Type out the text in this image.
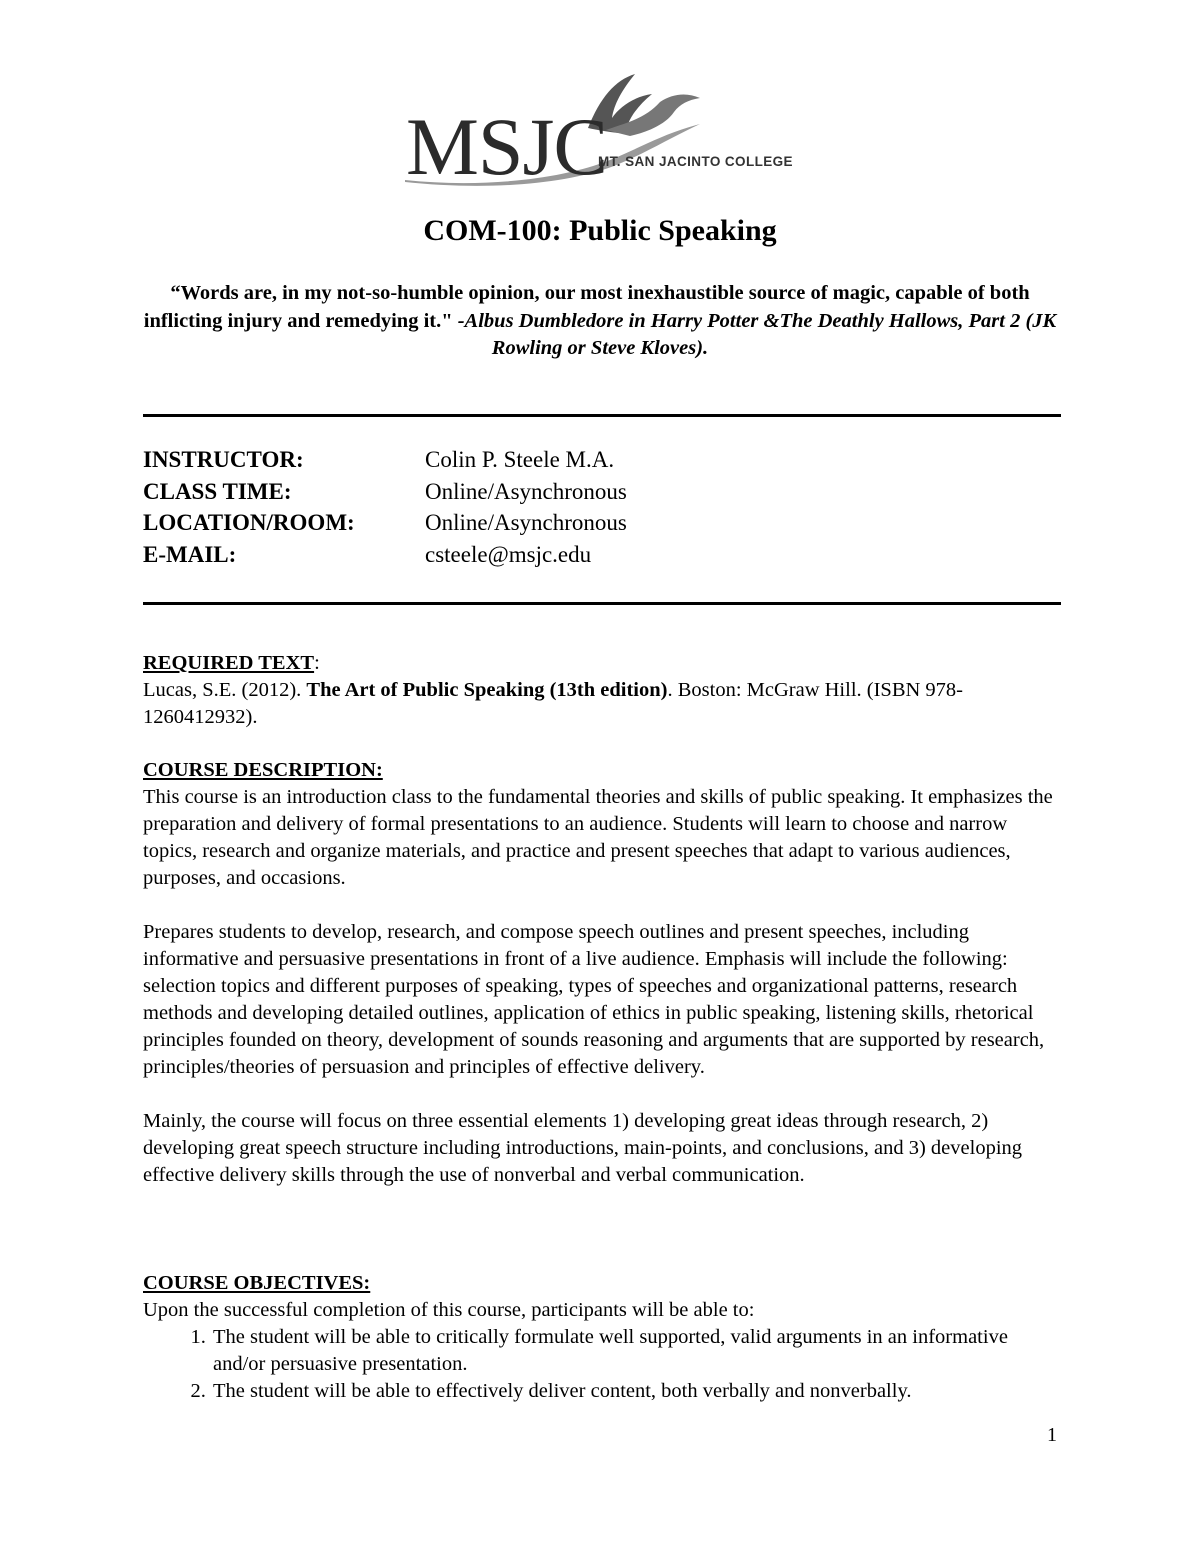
MSJC
MT. SAN JACINTO COLLEGE
COM-100: Public Speaking
“Words are, in my not-so-humble opinion, our most inexhaustible source of magic, capable of both inflicting injury and remedying it." -Albus Dumbledore in Harry Potter &The Deathly Hallows, Part 2 (JK Rowling or Steve Kloves).
INSTRUCTOR:	Colin P. Steele M.A.
CLASS TIME:	Online/Asynchronous
LOCATION/ROOM:	Online/Asynchronous
E-MAIL:	csteele@msjc.edu
REQUIRED TEXT:

Lucas, S.E. (2012). The Art of Public Speaking (13th edition). Boston: McGraw Hill. (ISBN 978-1260412932).

COURSE DESCRIPTION:

This course is an introduction class to the fundamental theories and skills of public speaking. It emphasizes the preparation and delivery of formal presentations to an audience. Students will learn to choose and narrow topics, research and organize materials, and practice and present speeches that adapt to various audiences, purposes, and occasions.

Prepares students to develop, research, and compose speech outlines and present speeches, including informative and persuasive presentations in front of a live audience. Emphasis will include the following: selection topics and different purposes of speaking, types of speeches and organizational patterns, research methods and developing detailed outlines, application of ethics in public speaking, listening skills, rhetorical principles founded on theory, development of sounds reasoning and arguments that are supported by research, principles/theories of persuasion and principles of effective delivery.

Mainly, the course will focus on three essential elements 1) developing great ideas through research, 2) developing great speech structure including introductions, main-points, and conclusions, and 3) developing effective delivery skills through the use of nonverbal and verbal communication.

COURSE OBJECTIVES:

Upon the successful completion of this course, participants will be able to:

1. The student will be able to critically formulate well supported, valid arguments in an informative and/or persuasive presentation.
2. The student will be able to effectively deliver content, both verbally and nonverbally.
1
